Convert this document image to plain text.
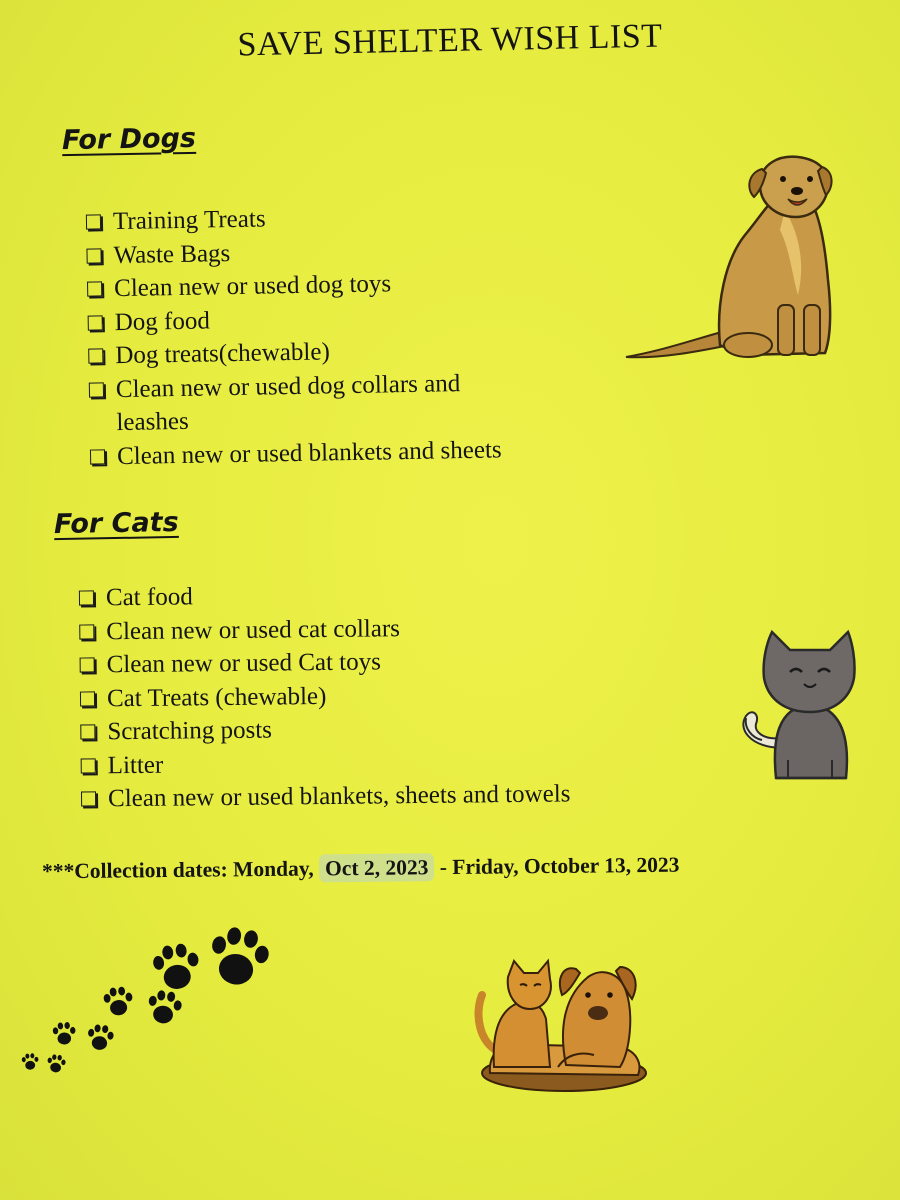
SAVE SHELTER WISH LIST
For Dogs
Training Treats
Waste Bags
Clean new or used dog toys
Dog food
Dog treats(chewable)
Clean new or used dog collars and
leashes
Clean new or used blankets and sheets
For Cats
Cat food
Clean new or used cat collars
Clean new or used Cat toys
Cat Treats (chewable)
Scratching posts
Litter
Clean new or used blankets, sheets and towels
***Collection dates: Monday, Oct 2, 2023 - Friday, October 13, 2023
